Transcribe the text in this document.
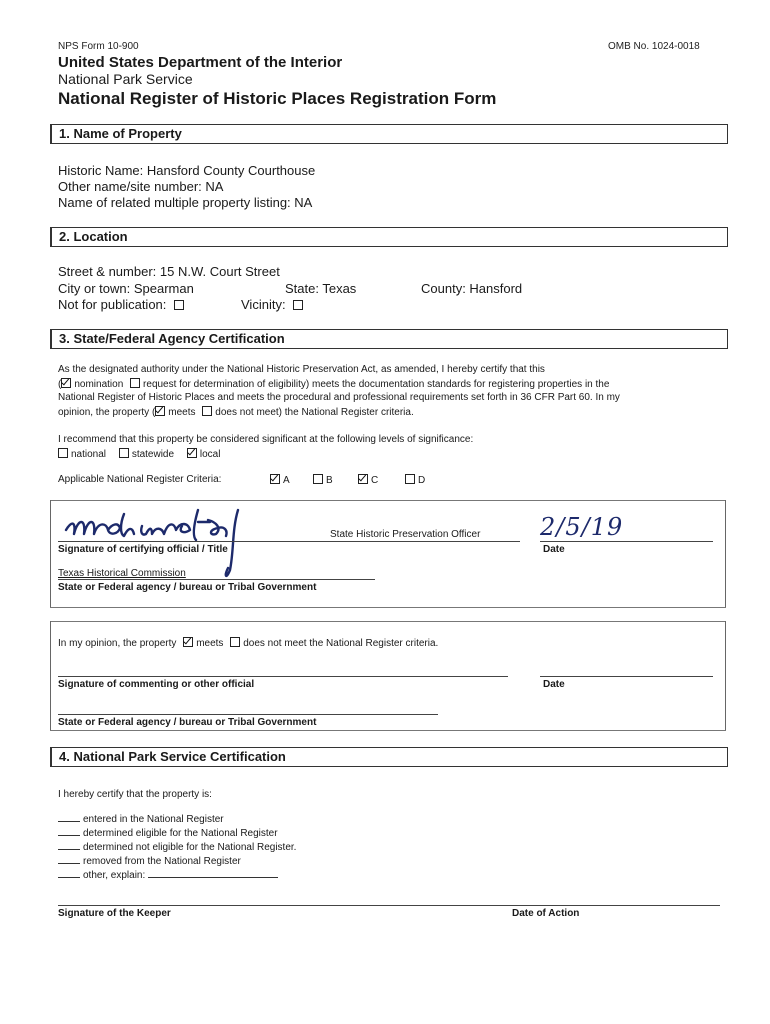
NPS Form 10-900	OMB No. 1024-0018
United States Department of the Interior
National Park Service
National Register of Historic Places Registration Form
1. Name of Property
Historic Name: Hansford County Courthouse
Other name/site number: NA
Name of related multiple property listing: NA
2. Location
Street & number: 15 N.W. Court Street
City or town: Spearman	State: Texas	County: Hansford
Not for publication:	Vicinity:
3. State/Federal Agency Certification
As the designated authority under the National Historic Preservation Act, as amended, I hereby certify that this
( nomination request for determination of eligibility) meets the documentation standards for registering properties in the
National Register of Historic Places and meets the procedural and professional requirements set forth in 36 CFR Part 60. In my
opinion, the property ( meets does not meet) the National Register criteria.
I recommend that this property be considered significant at the following levels of significance:
national	statewide	local
Applicable National Register Criteria:	A	B	C	D
State Historic Preservation Officer
Signature of certifying official / Title
2/5/19
Date
Texas Historical Commission
State or Federal agency / bureau or Tribal Government
In my opinion, the property meets does not meet the National Register criteria.
Signature of commenting or other official	Date
State or Federal agency / bureau or Tribal Government
4. National Park Service Certification
I hereby certify that the property is:
entered in the National Register
determined eligible for the National Register
determined not eligible for the National Register.
removed from the National Register
other, explain:
Signature of the Keeper	Date of Action
